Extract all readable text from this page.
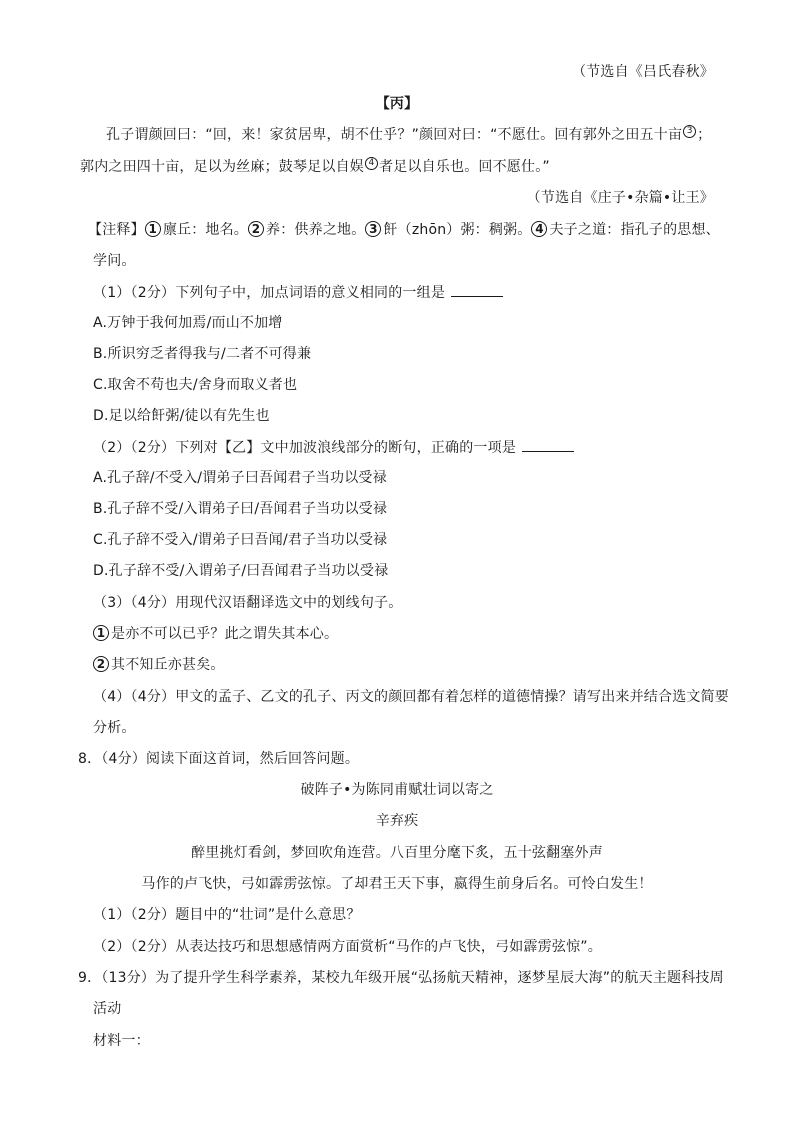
（节选自《吕氏春秋》
【丙】
孔子谓颜回曰：“回，来！家贫居卑，胡不仕乎？”颜回对曰：“不愿仕。回有郭外之田五十亩 3 ；
郭内之田四十亩，足以为丝麻；鼓琴足以自娱 4 者足以自乐也。回不愿仕。”
（节选自《庄子•杂篇•让王》
【注释】 1 廪丘：地名。 2 养：供养之地。 3 飦（zhōn）粥：稠粥。 4 夫子之道：指孔子的思想、
学问。
（1）（2分）下列句子中，加点词语的意义相同的一组是
A.万钟于我何加焉/而山不加增
B.所识穷乏者得我与/二者不可得兼
C.取舍不苟也夫/舍身而取义者也
D.足以给飦粥/徒以有先生也
（2）（2分）下列对【乙】文中加波浪线部分的断句，正确的一项是
A.孔子辞/不受入/谓弟子曰吾闻君子当功以受禄
B.孔子辞不受/入谓弟子曰/吾闻君子当功以受禄
C.孔子辞不受入/谓弟子曰吾闻/君子当功以受禄
D.孔子辞不受/入谓弟子/曰吾闻君子当功以受禄
（3）（4分）用现代汉语翻译选文中的划线句子。
1 是亦不可以已乎？此之谓失其本心。
2 其不知丘亦甚矣。
（4）（4分）甲文的孟子、乙文的孔子、丙文的颜回都有着怎样的道德情操？请写出来并结合选文简要
分析。
8．（4分）阅读下面这首词，然后回答问题。
破阵子•为陈同甫赋壮词以寄之
辛弃疾
醉里挑灯看剑，梦回吹角连营。八百里分麾下炙，五十弦翻塞外声
马作的卢飞快，弓如霹雳弦惊。了却君王天下事，嬴得生前身后名。可怜白发生！
（1）（2分）题目中的“壮词”是什么意思？
（2）（2分）从表达技巧和思想感情两方面赏析“马作的卢飞快，弓如霹雳弦惊”。
9．（13分）为了提升学生科学素养，某校九年级开展“弘扬航天精神，逐梦星辰大海”的航天主题科技周
活动
材料一：
